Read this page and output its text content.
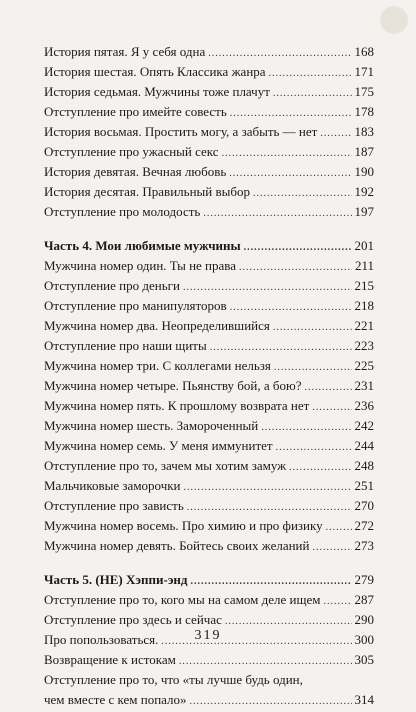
История пятая. Я у себя одна .....	168
История шестая. Опять Классика жанра .....	171
История седьмая. Мужчины тоже плачут .....	175
Отступление про имейте совесть .....	178
История восьмая. Простить могу, а забыть — нет .....	183
Отступление про ужасный секс .....	187
История девятая. Вечная любовь .....	190
История десятая. Правильный выбор .....	192
Отступление про молодость .....	197
Часть 4. Мои любимые мужчины .....	201
Мужчина номер один. Ты не права .....	211
Отступление про деньги .....	215
Отступление про манипуляторов .....	218
Мужчина номер два. Неопределившийся .....	221
Отступление про наши щиты .....	223
Мужчина номер три. С коллегами нельзя .....	225
Мужчина номер четыре. Пьянству бой, а бою? .....	231
Мужчина номер пять. К прошлому возврата нет .....	236
Мужчина номер шесть. Замороченный .....	242
Мужчина номер семь. У меня иммунитет .....	244
Отступление про то, зачем мы хотим замуж .....	248
Мальчиковые заморочки .....	251
Отступление про зависть .....	270
Мужчина номер восемь. Про химию и про физику ..... 272
Мужчина номер девять. Бойтесь своих желаний .....	273
Часть 5. (НЕ) Хэппи-энд .....	279
Отступление про то, кого мы на самом деле ищем .....	287
Отступление про здесь и сейчас .....	290
Про попользоваться. .....	300
Возвращение к истокам .....	305
Отступление про то, что «ты лучше будь один,
чем вместе с кем попало» .....	314
319
